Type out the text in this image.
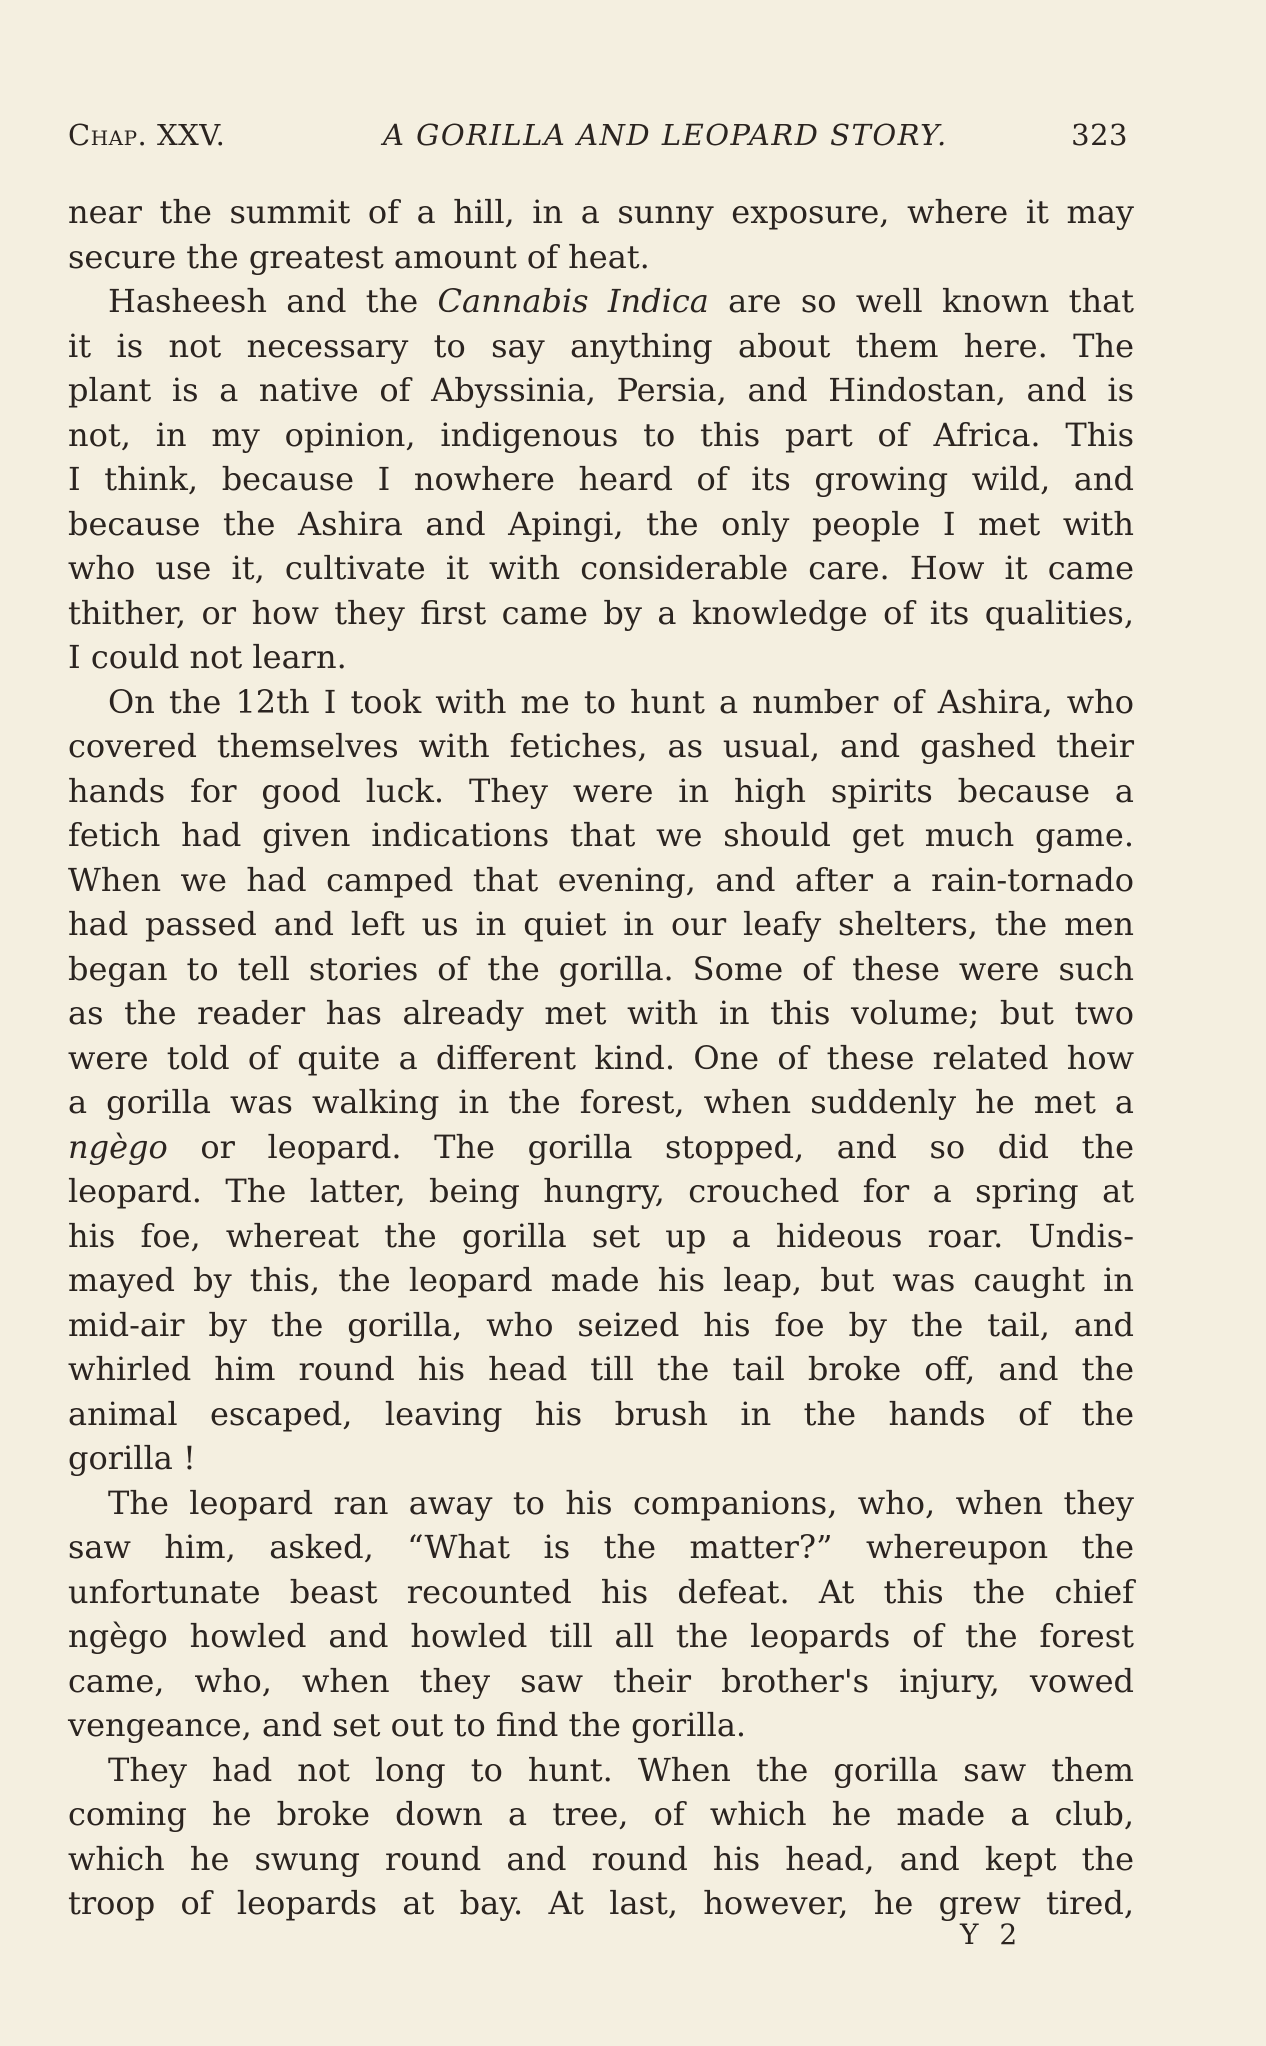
Chap. XXV.	A GORILLA AND LEOPARD STORY.	323

near the summit of a hill, in a sunny exposure, where it may

secure the greatest amount of heat.

Hasheesh and the Cannabis Indica are so well known that

it is not necessary to say anything about them here. The

plant is a native of Abyssinia, Persia, and Hindostan, and is

not, in my opinion, indigenous to this part of Africa. This

I think, because I nowhere heard of its growing wild, and

because the Ashira and Apingi, the only people I met with

who use it, cultivate it with considerable care. How it came

thither, or how they first came by a knowledge of its qualities,

I could not learn.

On the 12th I took with me to hunt a number of Ashira, who

covered themselves with fetiches, as usual, and gashed their

hands for good luck. They were in high spirits because a

fetich had given indications that we should get much game.

When we had camped that evening, and after a rain-tornado

had passed and left us in quiet in our leafy shelters, the men

began to tell stories of the gorilla. Some of these were such

as the reader has already met with in this volume; but two

were told of quite a different kind. One of these related how

a gorilla was walking in the forest, when suddenly he met a

ngègo or leopard. The gorilla stopped, and so did the

leopard. The latter, being hungry, crouched for a spring at

his foe, whereat the gorilla set up a hideous roar. Undis-

mayed by this, the leopard made his leap, but was caught in

mid-air by the gorilla, who seized his foe by the tail, and

whirled him round his head till the tail broke off, and the

animal escaped, leaving his brush in the hands of the

gorilla !

The leopard ran away to his companions, who, when they

saw him, asked, “What is the matter?” whereupon the

unfortunate beast recounted his defeat. At this the chief

ngègo howled and howled till all the leopards of the forest

came, who, when they saw their brother's injury, vowed

vengeance, and set out to find the gorilla.

They had not long to hunt. When the gorilla saw them

coming he broke down a tree, of which he made a club,

which he swung round and round his head, and kept the

troop of leopards at bay. At last, however, he grew tired,

Y 2
